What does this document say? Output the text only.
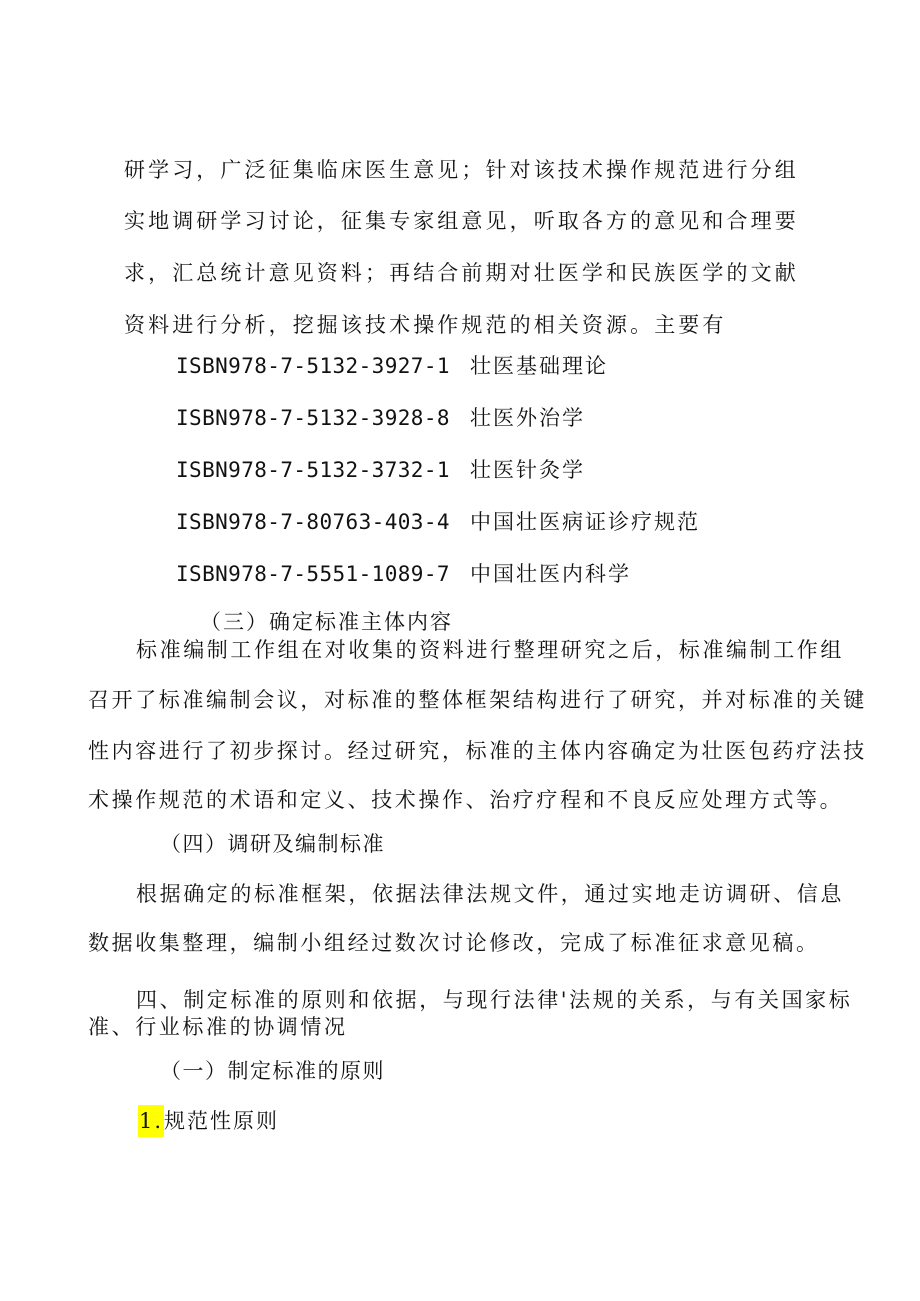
研学习，广泛征集临床医生意见；针对该技术操作规范进行分组
实地调研学习讨论，征集专家组意见，听取各方的意见和合理要
求，汇总统计意见资料；再结合前期对壮医学和民族医学的文献
资料进行分析，挖掘该技术操作规范的相关资源。主要有
ISBN978-7-5132-3927-1 壮医基础理论
ISBN978-7-5132-3928-8 壮医外治学
ISBN978-7-5132-3732-1 壮医针灸学
ISBN978-7-80763-403-4 中国壮医病证诊疗规范
ISBN978-7-5551-1089-7 中国壮医内科学
（三）确定标准主体内容
标准编制工作组在对收集的资料进行整理研究之后，标准编制工作组
召开了标准编制会议，对标准的整体框架结构进行了研究，并对标准的关键
性内容进行了初步探讨。经过研究，标准的主体内容确定为壮医包药疗法技
术操作规范的术语和定义、技术操作、治疗疗程和不良反应处理方式等。
（四）调研及编制标准
根据确定的标准框架，依据法律法规文件，通过实地走访调研、信息
数据收集整理，编制小组经过数次讨论修改，完成了标准征求意见稿。
四、制定标准的原则和依据，与现行法律'法规的关系，与有关国家标
准、行业标准的协调情况
（一）制定标准的原则
1.规范性原则
